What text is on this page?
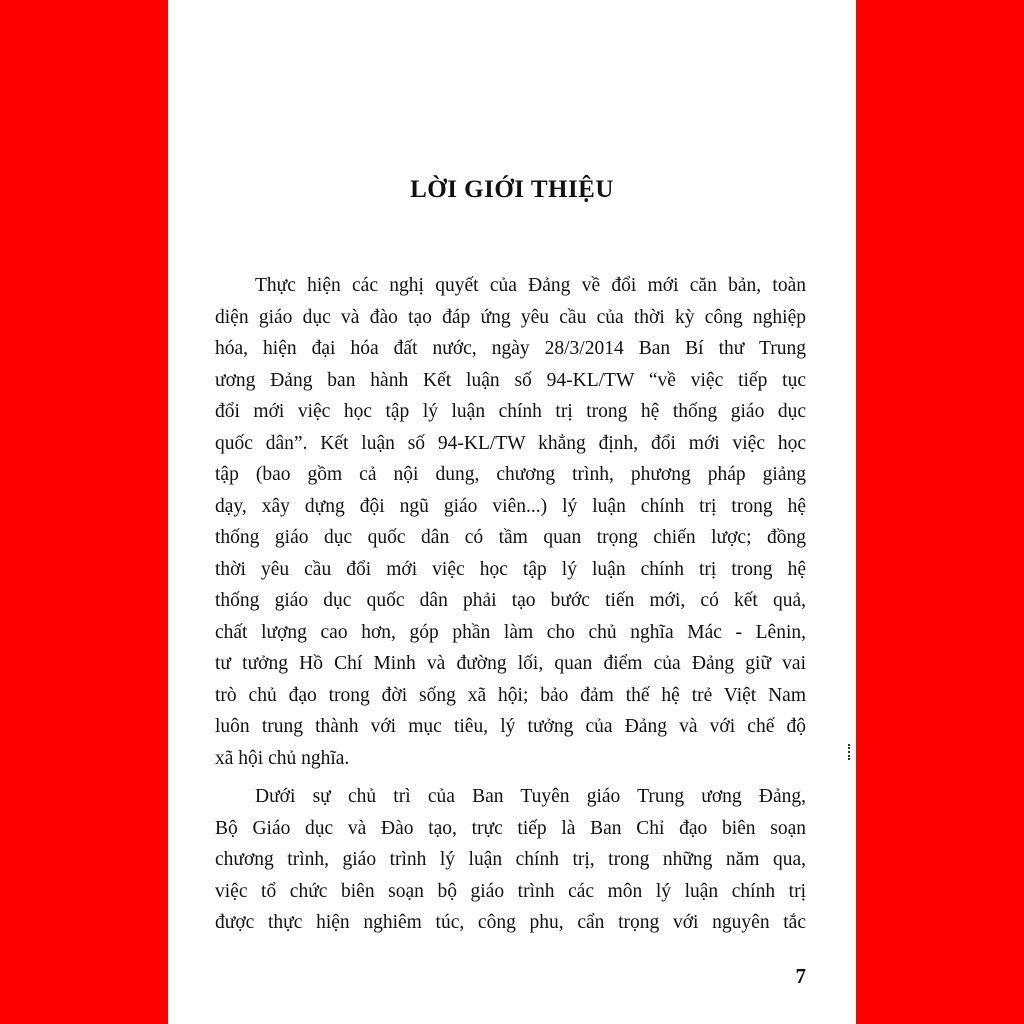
LỜI GIỚI THIỆU
Thực hiện các nghị quyết của Đảng về đổi mới căn bản, toàn
diện giáo dục và đào tạo đáp ứng yêu cầu của thời kỳ công nghiệp
hóa, hiện đại hóa đất nước, ngày 28/3/2014 Ban Bí thư Trung
ương Đảng ban hành Kết luận số 94-KL/TW “về việc tiếp tục
đổi mới việc học tập lý luận chính trị trong hệ thống giáo dục
quốc dân”. Kết luận số 94-KL/TW khẳng định, đổi mới việc học
tập (bao gồm cả nội dung, chương trình, phương pháp giảng
dạy, xây dựng đội ngũ giáo viên...) lý luận chính trị trong hệ
thống giáo dục quốc dân có tầm quan trọng chiến lược; đồng
thời yêu cầu đổi mới việc học tập lý luận chính trị trong hệ
thống giáo dục quốc dân phải tạo bước tiến mới, có kết quả,
chất lượng cao hơn, góp phần làm cho chủ nghĩa Mác - Lênin,
tư tưởng Hồ Chí Minh và đường lối, quan điểm của Đảng giữ vai
trò chủ đạo trong đời sống xã hội; bảo đảm thế hệ trẻ Việt Nam
luôn trung thành với mục tiêu, lý tưởng của Đảng và với chế độ
xã hội chủ nghĩa.
Dưới sự chủ trì của Ban Tuyên giáo Trung ương Đảng,
Bộ Giáo dục và Đào tạo, trực tiếp là Ban Chỉ đạo biên soạn
chương trình, giáo trình lý luận chính trị, trong những năm qua,
việc tổ chức biên soạn bộ giáo trình các môn lý luận chính trị
được thực hiện nghiêm túc, công phu, cẩn trọng với nguyên tắc
7
